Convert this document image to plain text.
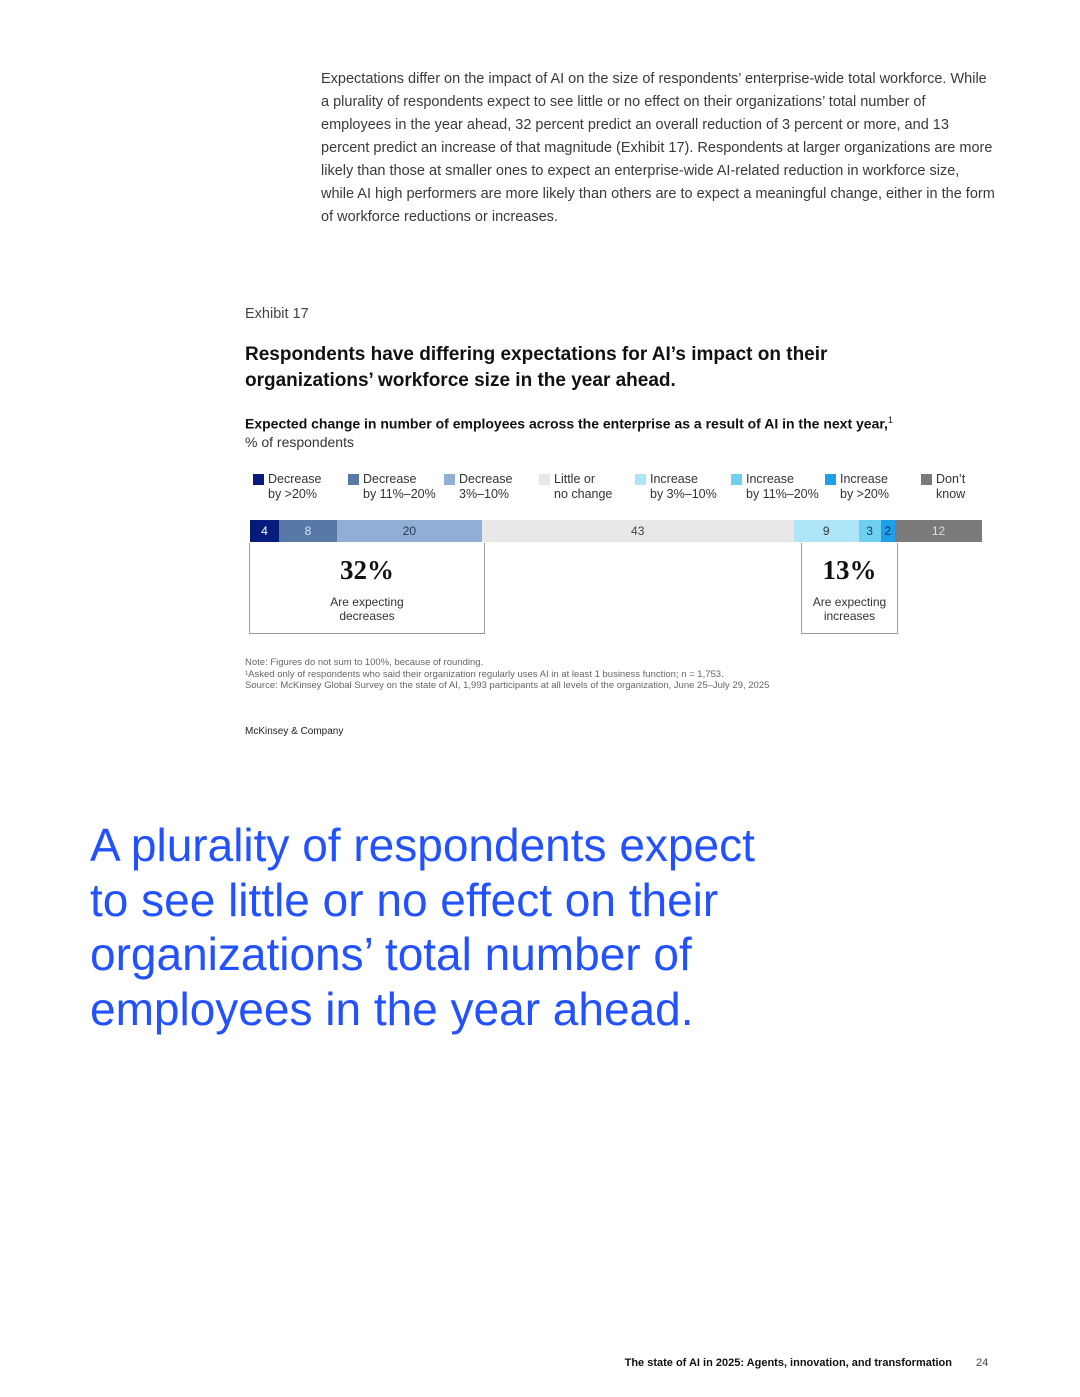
Expectations differ on the impact of AI on the size of respondents’ enterprise-wide total workforce. While a plurality of respondents expect to see little or no effect on their organizations’ total number of employees in the year ahead, 32 percent predict an overall reduction of 3 percent or more, and 13 percent predict an increase of that magnitude (Exhibit 17). Respondents at larger organizations are more likely than those at smaller ones to expect an enterprise-wide AI-related reduction in workforce size, while AI high performers are more likely than others are to expect a meaningful change, either in the form of workforce reductions or increases.

Exhibit 17
Respondents have differing expectations for AI’s impact on their organizations’ workforce size in the year ahead.
Expected change in number of employees across the enterprise as a result of AI in the next year,$^1$
% of respondents
Decrease
by >20%
Decrease
by 11%–20%
Decrease
3%–10%
Little or
no change
Increase
by 3%–10%
Increase
by 11%–20%
Increase
by >20%
Don’t
know
4	8	20	43	9	3 2	12
32%
Are expecting
decreases
13%
Are expecting
increases
Note: Figures do not sum to 100%, because of rounding.
¹Asked only of respondents who said their organization regularly uses AI in at least 1 business function; n = 1,753.
Source: McKinsey Global Survey on the state of AI, 1,993 participants at all levels of the organization, June 25–July 29, 2025
McKinsey & Company

A plurality of respondents expect to see little or no effect on their organizations’ total number of employees in the year ahead.

The state of AI in 2025: Agents, innovation, and transformation 24
